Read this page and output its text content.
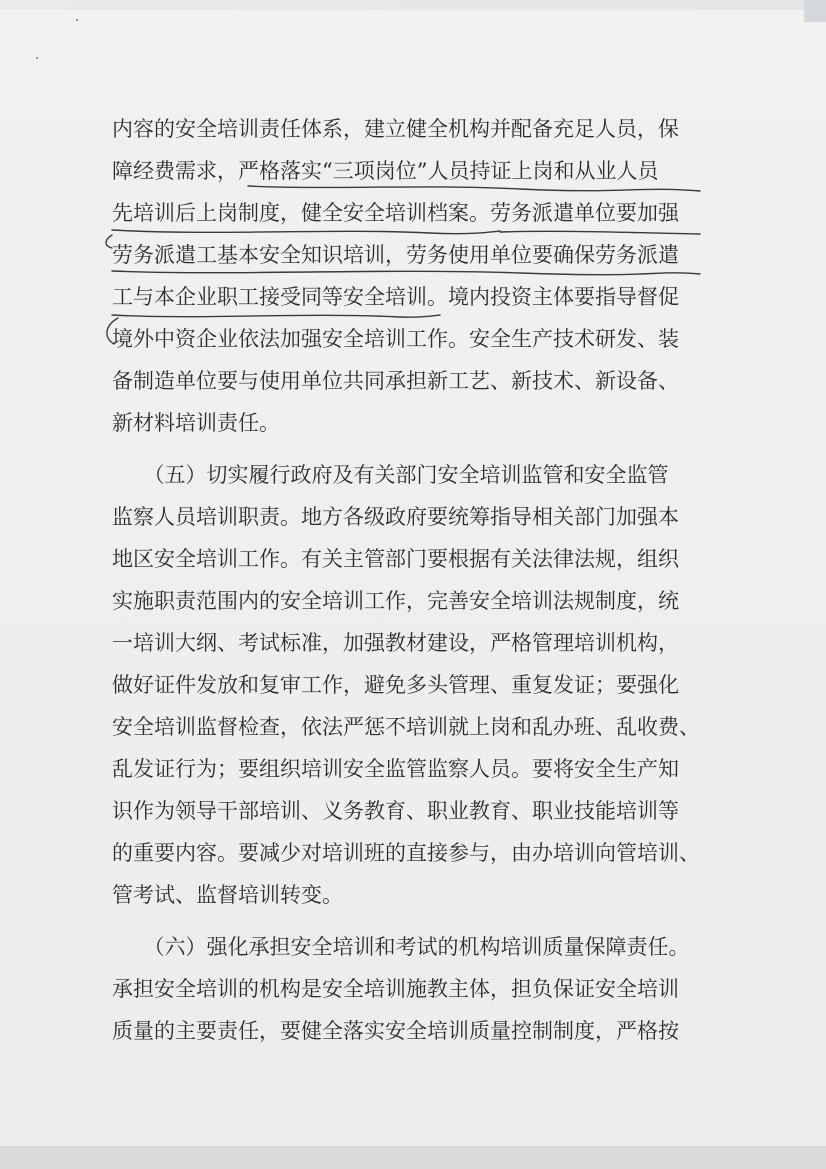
内容的安全培训责任体系，建立健全机构并配备充足人员，保
障经费需求，严格落实“三项岗位”人员持证上岗和从业人员
先培训后上岗制度，健全安全培训档案。劳务派遣单位要加强
劳务派遣工基本安全知识培训，劳务使用单位要确保劳务派遣
工与本企业职工接受同等安全培训。境内投资主体要指导督促
境外中资企业依法加强安全培训工作。安全生产技术研发、装
备制造单位要与使用单位共同承担新工艺、新技术、新设备、
新材料培训责任。
　　（五）切实履行政府及有关部门安全培训监管和安全监管
监察人员培训职责。地方各级政府要统筹指导相关部门加强本
地区安全培训工作。有关主管部门要根据有关法律法规，组织
实施职责范围内的安全培训工作，完善安全培训法规制度，统
一培训大纲、考试标准，加强教材建设，严格管理培训机构，
做好证件发放和复审工作，避免多头管理、重复发证；要强化
安全培训监督检查，依法严惩不培训就上岗和乱办班、乱收费、
乱发证行为；要组织培训安全监管监察人员。要将安全生产知
识作为领导干部培训、义务教育、职业教育、职业技能培训等
的重要内容。要减少对培训班的直接参与，由办培训向管培训、
管考试、监督培训转变。
　　（六）强化承担安全培训和考试的机构培训质量保障责任。
承担安全培训的机构是安全培训施教主体，担负保证安全培训
质量的主要责任，要健全落实安全培训质量控制制度，严格按
